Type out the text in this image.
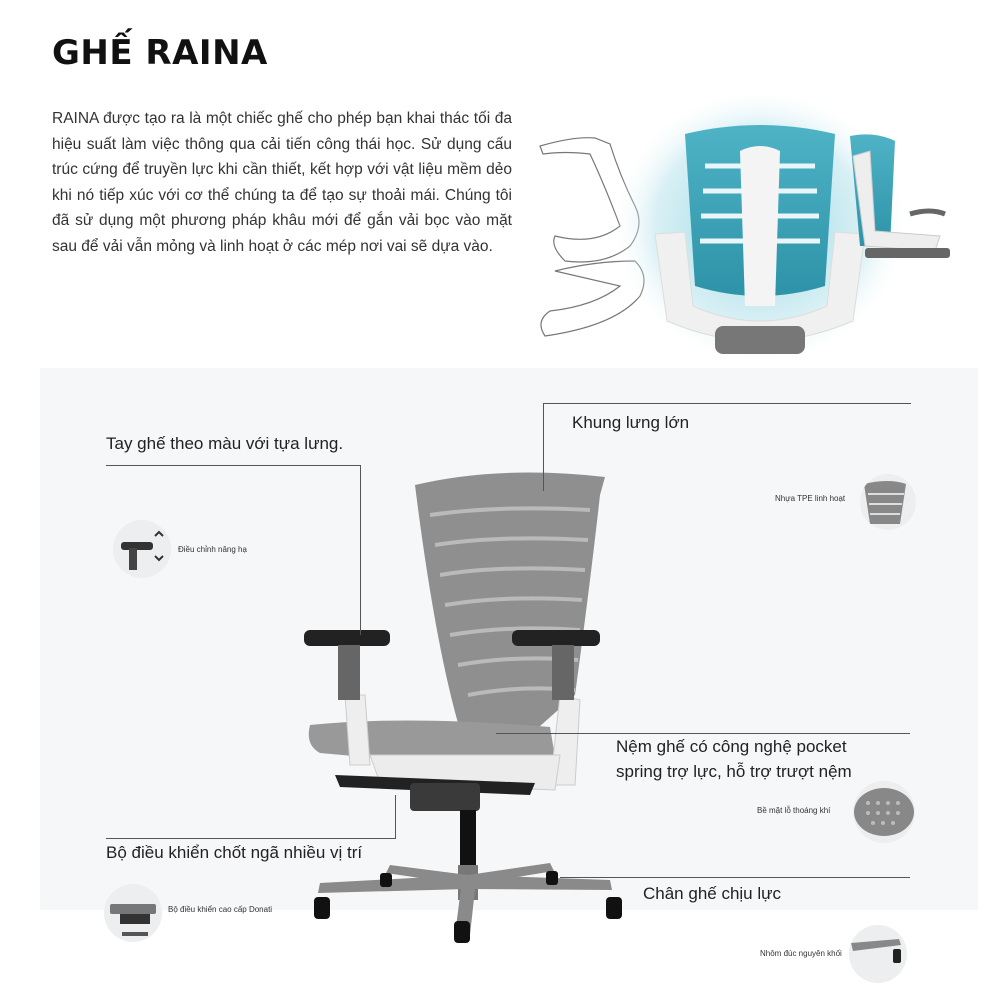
GHẾ RAINA
RAINA được tạo ra là một chiếc ghế cho phép bạn khai thác tối đa hiệu suất làm việc thông qua cải tiến công thái học. Sử dụng cấu trúc cứng để truyền lực khi cần thiết, kết hợp với vật liệu mềm dẻo khi nó tiếp xúc với cơ thể chúng ta để tạo sự thoải mái. Chúng tôi đã sử dụng một phương pháp khâu mới để gắn vải bọc vào mặt sau để vải vẫn mỏng và linh hoạt ở các mép nơi vai sẽ dựa vào.
Tay ghế theo màu với tựa lưng.
Khung lưng lớn
Nệm ghế có công nghệ pocket
spring trợ lực, hỗ trợ trượt nệm
Bộ điều khiển chốt ngã nhiều vị trí
Chân ghế chịu lực
Điều chỉnh nâng hạ
Nhựa TPE linh hoạt
Bề mặt lỗ thoáng khí
Bộ điều khiển cao cấp Donati
Nhôm đúc nguyên khối
